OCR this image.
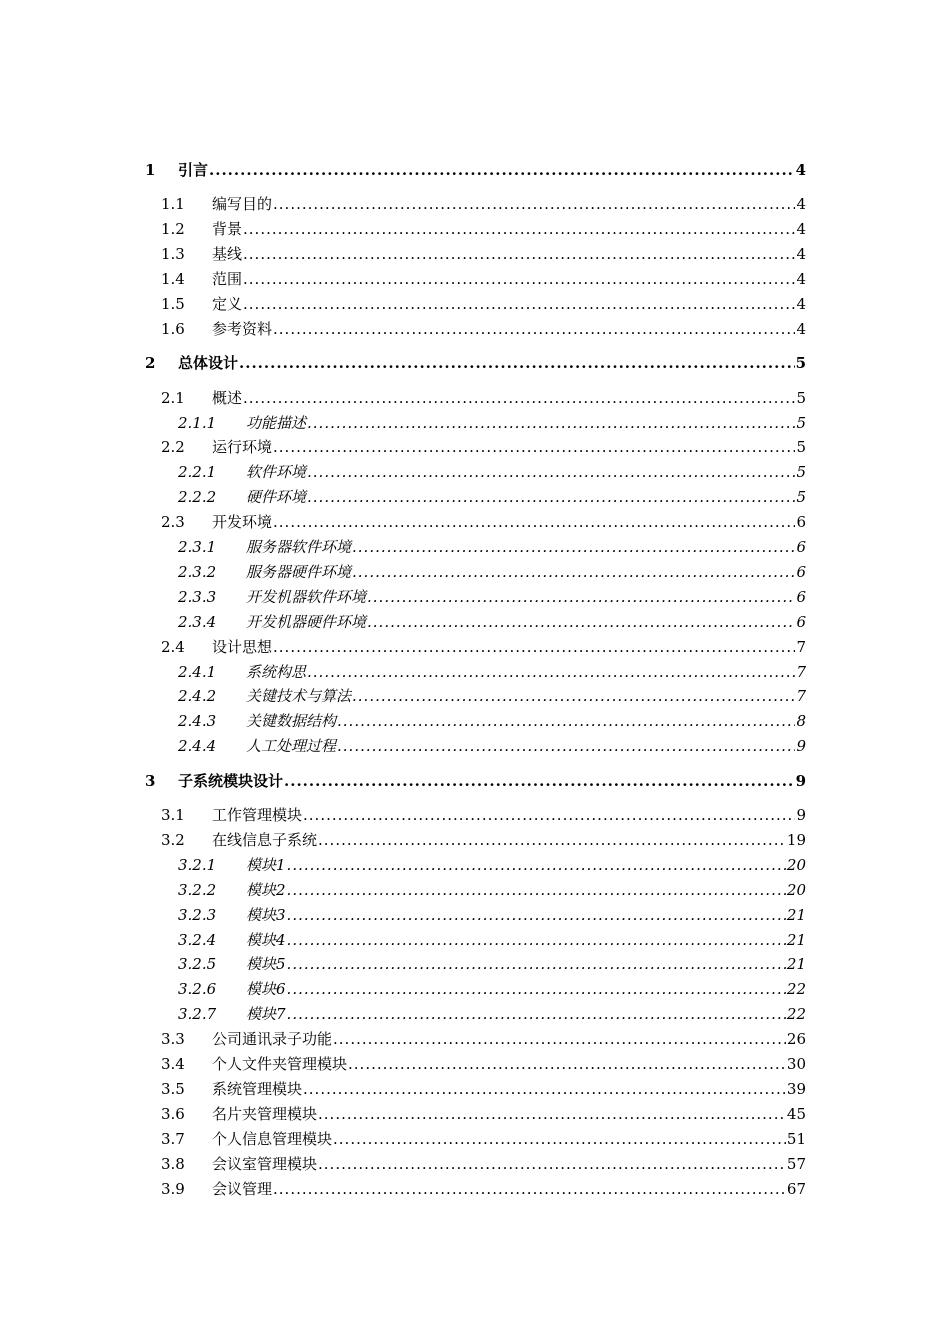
1	引言 .....	4
1.1	编写目的 .....	4
1.2	背景 .....	4
1.3	基线 .....	4
1.4	范围 .....	4
1.5	定义 .....	4
1.6	参考资料 .....	4
2	总体设计 .....	5
2.1	概述 .....	5
2.1.1	功能描述 .....	5
2.2	运行环境 .....	5
2.2.1	软件环境 .....	5
2.2.2	硬件环境 .....	5
2.3	开发环境 .....	6
2.3.1	服务器软件环境 .....	6
2.3.2	服务器硬件环境 .....	6
2.3.3	开发机器软件环境 .....	6
2.3.4	开发机器硬件环境 .....	6
2.4	设计思想 .....	7
2.4.1	系统构思 .....	7
2.4.2	关键技术与算法 .....	7
2.4.3	关键数据结构 .....	8
2.4.4	人工处理过程 .....	9
3	子系统模块设计 .....	9
3.1	工作管理模块 .....	9
3.2	在线信息子系统 .....	19
3.2.1	模块1 .....	20
3.2.2	模块2 .....	20
3.2.3	模块3 .....	21
3.2.4	模块4 .....	21
3.2.5	模块5 .....	21
3.2.6	模块6 .....	22
3.2.7	模块7 .....	22
3.3	公司通讯录子功能 .....	26
3.4	个人文件夹管理模块 .....	30
3.5	系统管理模块 .....	39
3.6	名片夹管理模块 .....	45
3.7	个人信息管理模块 .....	51
3.8	会议室管理模块 .....	57
3.9	会议管理 .....	67
